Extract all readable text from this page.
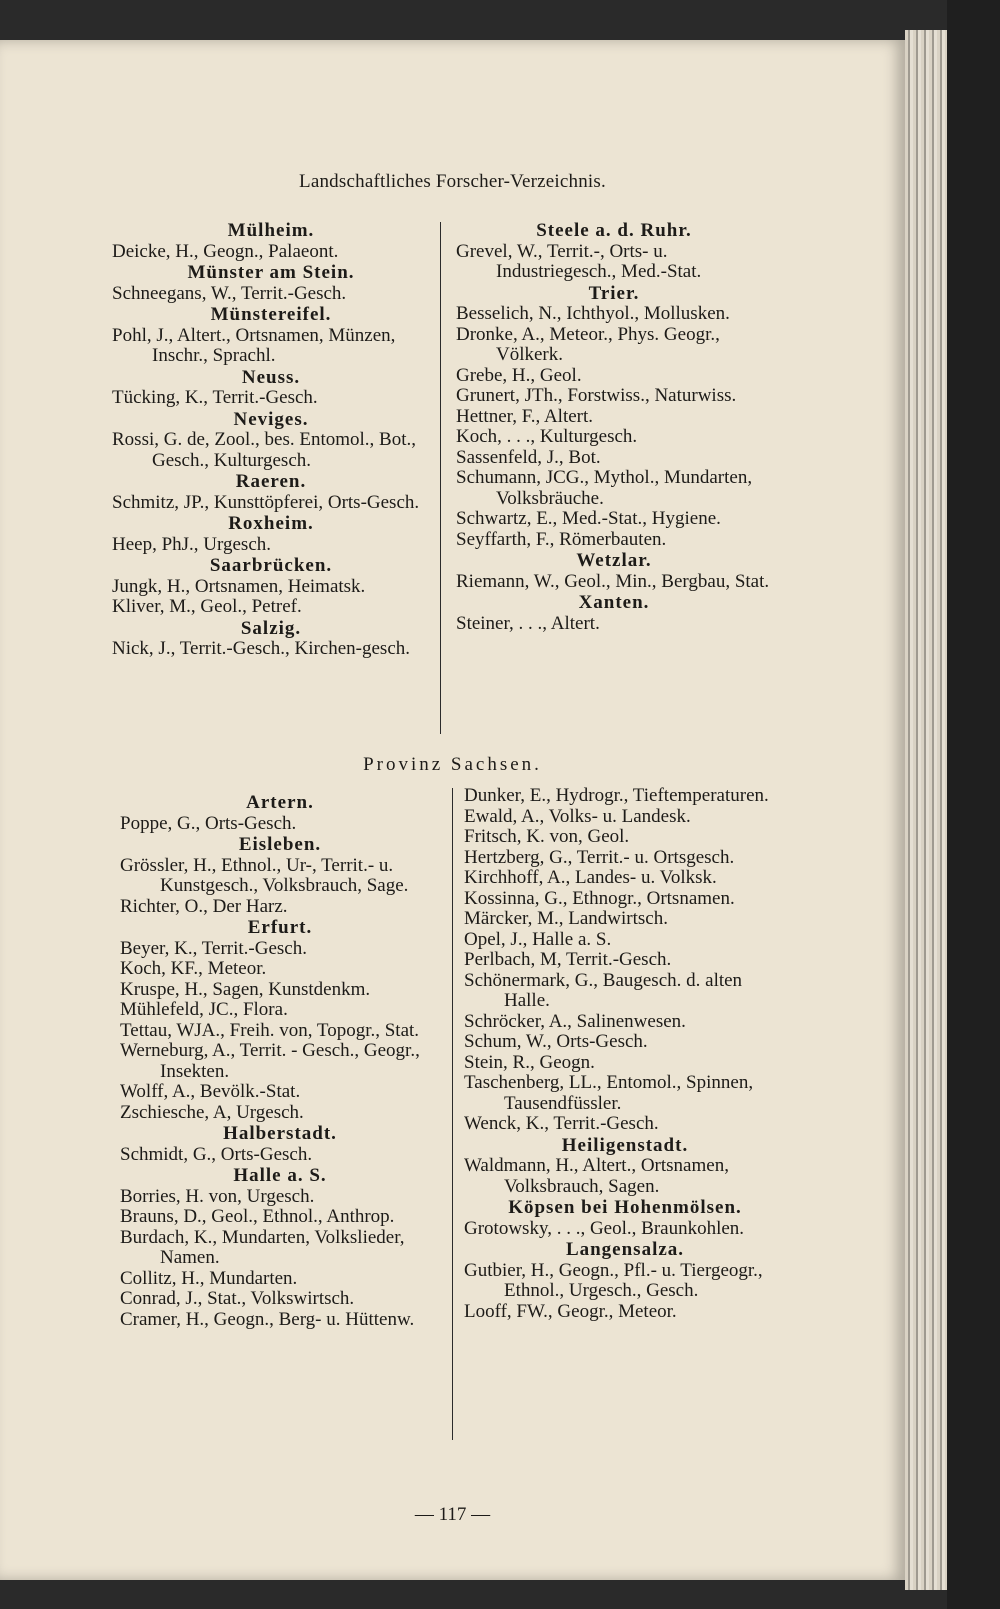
Landschaftliches Forscher-Verzeichnis.
Mülheim.
Deicke, H., Geogn., Palaeont.
Münster am Stein.
Schneegans, W., Territ.-Gesch.
Münstereifel.
Pohl, J., Altert., Ortsnamen, Münzen, Inschr., Sprachl.
Neuss.
Tücking, K., Territ.-Gesch.
Neviges.
Rossi, G. de, Zool., bes. Entomol., Bot., Gesch., Kulturgesch.
Raeren.
Schmitz, JP., Kunsttöpferei, Orts-Gesch.
Roxheim.
Heep, PhJ., Urgesch.
Saarbrücken.
Jungk, H., Ortsnamen, Heimatsk.
Kliver, M., Geol., Petref.
Salzig.
Nick, J., Territ.-Gesch., Kirchen-gesch.
Steele a. d. Ruhr.
Grevel, W., Territ.-, Orts- u. Industriegesch., Med.-Stat.
Trier.
Besselich, N., Ichthyol., Mollusken.
Dronke, A., Meteor., Phys. Geogr., Völkerk.
Grebe, H., Geol.
Grunert, JTh., Forstwiss., Naturwiss.
Hettner, F., Altert.
Koch, . . ., Kulturgesch.
Sassenfeld, J., Bot.
Schumann, JCG., Mythol., Mundarten, Volksbräuche.
Schwartz, E., Med.-Stat., Hygiene.
Seyffarth, F., Römerbauten.
Wetzlar.
Riemann, W., Geol., Min., Bergbau, Stat.
Xanten.
Steiner, . . ., Altert.
Provinz Sachsen.
Artern.
Poppe, G., Orts-Gesch.
Eisleben.
Grössler, H., Ethnol., Ur-, Territ.- u. Kunstgesch., Volksbrauch, Sage.
Richter, O., Der Harz.
Erfurt.
Beyer, K., Territ.-Gesch.
Koch, KF., Meteor.
Kruspe, H., Sagen, Kunstdenkm.
Mühlefeld, JC., Flora.
Tettau, WJA., Freih. von, Topogr., Stat.
Werneburg, A., Territ. - Gesch., Geogr., Insekten.
Wolff, A., Bevölk.-Stat.
Zschiesche, A, Urgesch.
Halberstadt.
Schmidt, G., Orts-Gesch.
Halle a. S.
Borries, H. von, Urgesch.
Brauns, D., Geol., Ethnol., Anthrop.
Burdach, K., Mundarten, Volkslieder, Namen.
Collitz, H., Mundarten.
Conrad, J., Stat., Volkswirtsch.
Cramer, H., Geogn., Berg- u. Hüttenw.
Dunker, E., Hydrogr., Tieftemperaturen.
Ewald, A., Volks- u. Landesk.
Fritsch, K. von, Geol.
Hertzberg, G., Territ.- u. Ortsgesch.
Kirchhoff, A., Landes- u. Volksk.
Kossinna, G., Ethnogr., Ortsnamen.
Märcker, M., Landwirtsch.
Opel, J., Halle a. S.
Perlbach, M, Territ.-Gesch.
Schönermark, G., Baugesch. d. alten Halle.
Schröcker, A., Salinenwesen.
Schum, W., Orts-Gesch.
Stein, R., Geogn.
Taschenberg, LL., Entomol., Spinnen, Tausendfüssler.
Wenck, K., Territ.-Gesch.
Heiligenstadt.
Waldmann, H., Altert., Ortsnamen, Volksbrauch, Sagen.
Köpsen bei Hohenmölsen.
Grotowsky, . . ., Geol., Braunkohlen.
Langensalza.
Gutbier, H., Geogn., Pfl.- u. Tiergeogr., Ethnol., Urgesch., Gesch.
Looff, FW., Geogr., Meteor.
— 117 —
